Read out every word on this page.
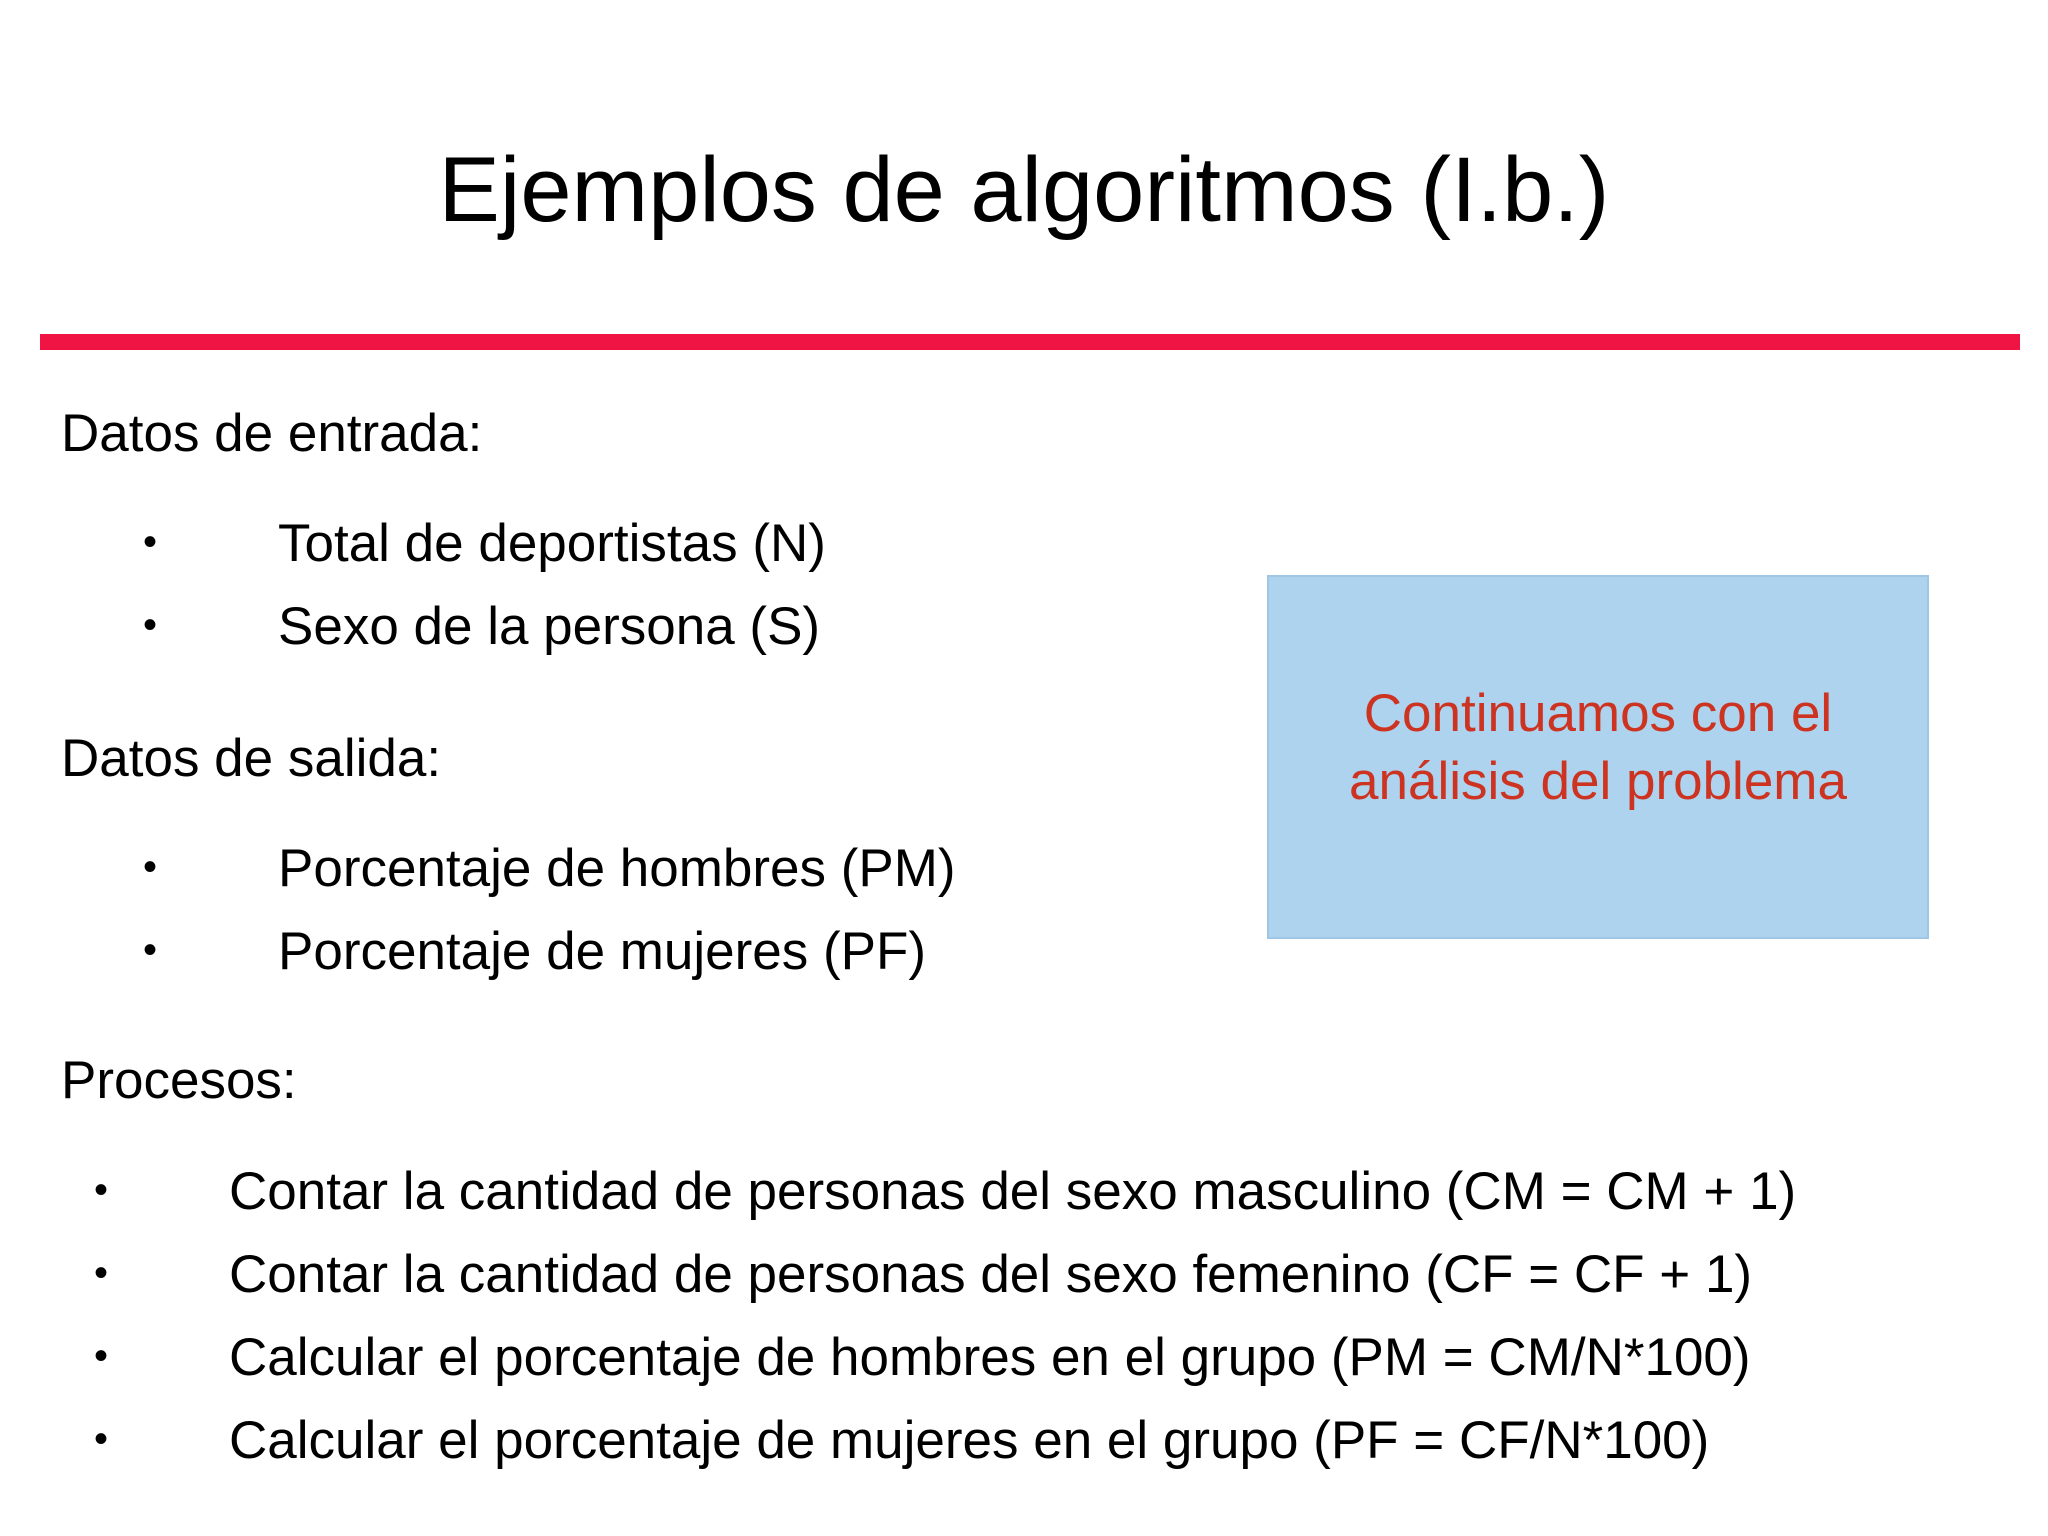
Ejemplos de algoritmos (I.b.)
Datos de entrada:
• Total de deportistas (N)
• Sexo de la persona (S)
Datos de salida:
• Porcentaje de hombres (PM)
• Porcentaje de mujeres (PF)
Procesos:
• Contar la cantidad de personas del sexo masculino (CM = CM + 1)
• Contar la cantidad de personas del sexo femenino (CF = CF + 1)
• Calcular el porcentaje de hombres en el grupo (PM = CM/N*100)
• Calcular el porcentaje de mujeres en el grupo (PF = CF/N*100)
Continuamos con el
análisis del problema
